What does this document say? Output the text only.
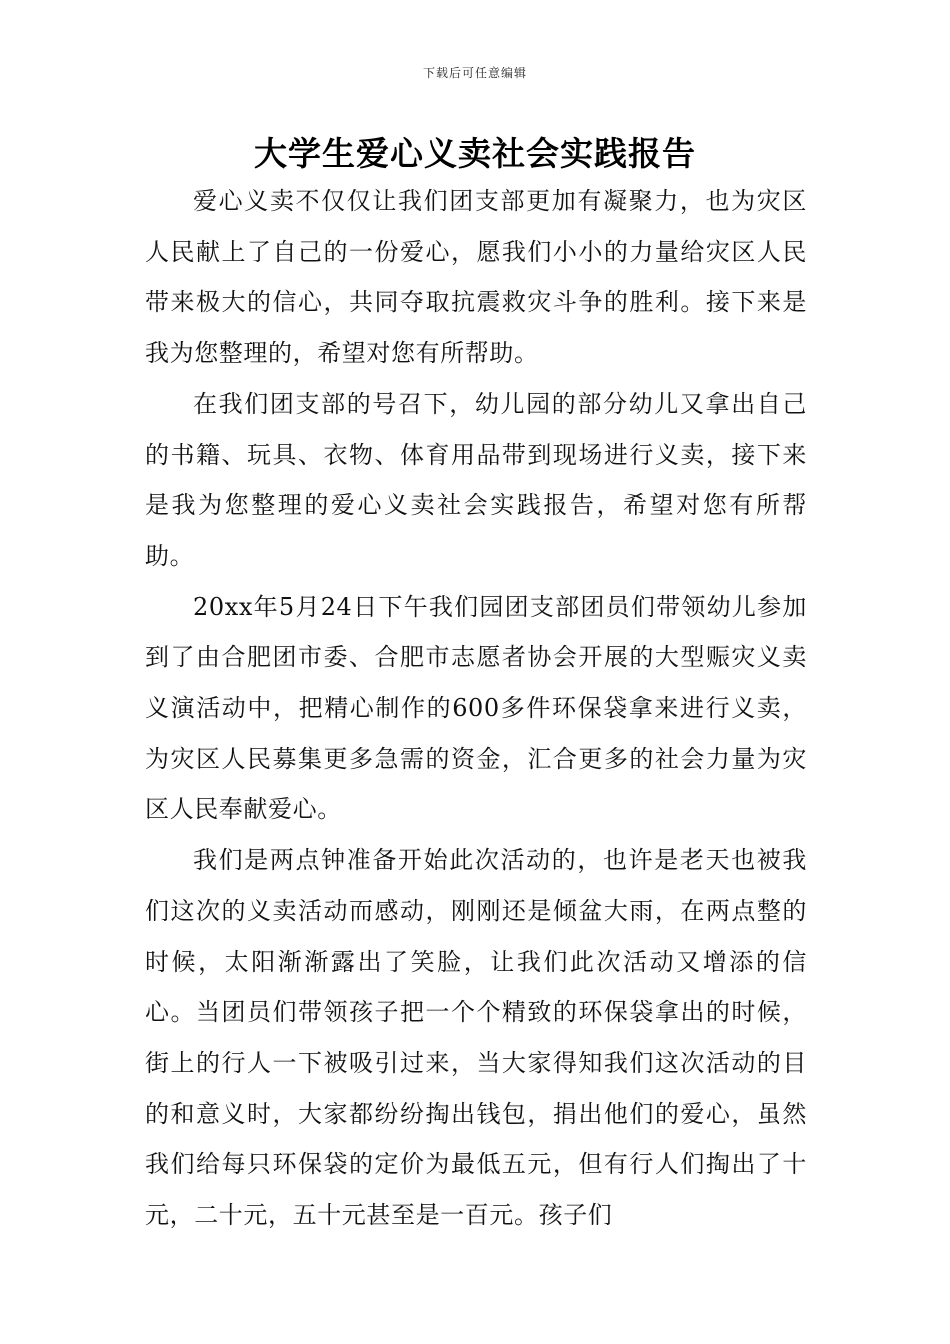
下载后可任意编辑
大学生爱心义卖社会实践报告

爱心义卖不仅仅让我们团支部更加有凝聚力，也为灾区人民献上了自己的一份爱心，愿我们小小的力量给灾区人民带来极大的信心，共同夺取抗震救灾斗争的胜利。接下来是我为您整理的，希望对您有所帮助。

在我们团支部的号召下，幼儿园的部分幼儿又拿出自己的书籍、玩具、衣物、体育用品带到现场进行义卖，接下来是我为您整理的爱心义卖社会实践报告，希望对您有所帮助。

20xx年5月24日下午我们园团支部团员们带领幼儿参加到了由合肥团市委、合肥市志愿者协会开展的大型赈灾义卖义演活动中，把精心制作的600多件环保袋拿来进行义卖，为灾区人民募集更多急需的资金，汇合更多的社会力量为灾区人民奉献爱心。

我们是两点钟准备开始此次活动的，也许是老天也被我们这次的义卖活动而感动，刚刚还是倾盆大雨，在两点整的时候，太阳渐渐露出了笑脸，让我们此次活动又增添的信心。当团员们带领孩子把一个个精致的环保袋拿出的时候，街上的行人一下被吸引过来，当大家得知我们这次活动的目的和意义时，大家都纷纷掏出钱包，捐出他们的爱心，虽然我们给每只环保袋的定价为最低五元，但有行人们掏出了十元，二十元，五十元甚至是一百元。孩子们
